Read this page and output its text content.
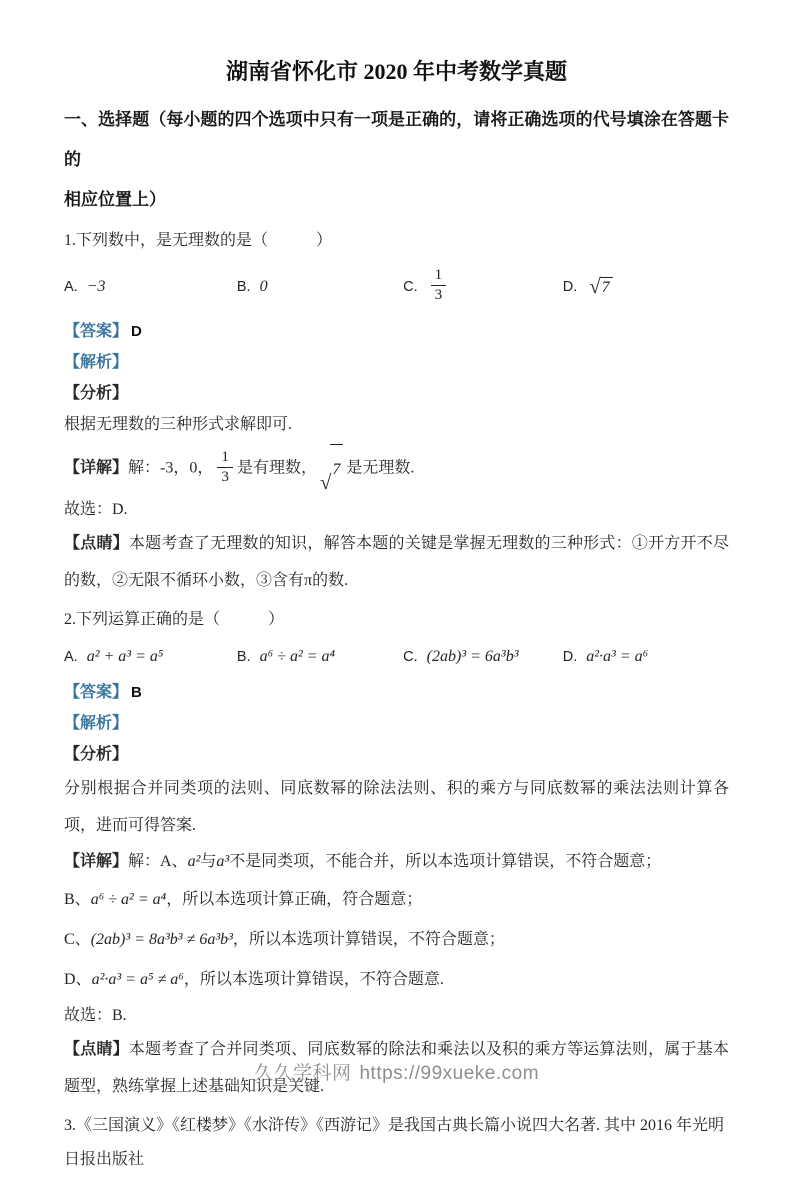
湖南省怀化市 2020 年中考数学真题

一、选择题（每小题的四个选项中只有一项是正确的，请将正确选项的代号填涂在答题卡的

相应位置上）

1.下列数中，是无理数的是（　　　）

A. −3	B. 0	C. $\frac{1}{3}$	D. √ 7

【答案】 D

【解析】

【分析】

根据无理数的三种形式求解即可.

【详解】解：-3，0， $\frac{1}{3}$ 是有理数，
√
7 是无理数.

故选：D.

【点睛】本题考查了无理数的知识，解答本题的关键是掌握无理数的三种形式：①开方开不尽的数，②无限不循环小数，③含有π的数.

2.下列运算正确的是（　　　）

A. a² + a³ = a⁵	B. a⁶ ÷ a² = a⁴	C. (2ab)³ = 6a³b³	D. a²·a³ = a⁶

【答案】 B

【解析】

【分析】

分别根据合并同类项的法则、同底数幂的除法法则、积的乘方与同底数幂的乘法法则计算各项，进而可得答案.

【详解】解：A、a²与a³不是同类项，不能合并，所以本选项计算错误，不符合题意；

B、a⁶ ÷ a² = a⁴，所以本选项计算正确，符合题意；

C、(2ab)³ = 8a³b³ ≠ 6a³b³，所以本选项计算错误，不符合题意；

D、a²·a³ = a⁵ ≠ a⁶，所以本选项计算错误，不符合题意.

故选：B.

【点睛】本题考查了合并同类项、同底数幂的除法和乘法以及积的乘方等运算法则，属于基本题型，熟练掌握上述基础知识是关键.

3.《三国演义》《红楼梦》《水浒传》《西游记》是我国古典长篇小说四大名著. 其中 2016 年光明日报出版社

久久学科网 https://99xueke.com
